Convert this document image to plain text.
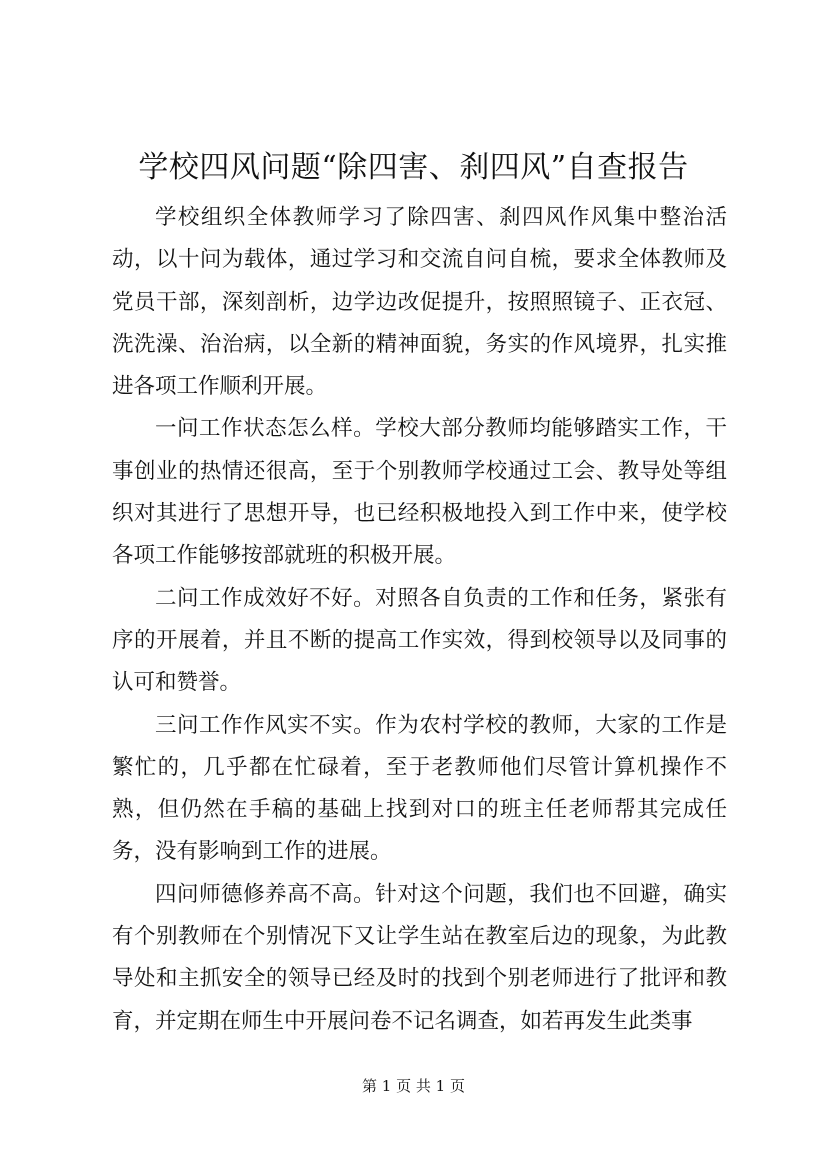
学校四风问题“除四害、刹四风”自查报告

学校组织全体教师学习了除四害、刹四风作风集中整治活动，以十问为载体，通过学习和交流自问自梳，要求全体教师及党员干部，深刻剖析，边学边改促提升，按照照镜子、正衣冠、洗洗澡、治治病，以全新的精神面貌，务实的作风境界，扎实推进各项工作顺利开展。

一问工作状态怎么样。学校大部分教师均能够踏实工作，干事创业的热情还很高，至于个别教师学校通过工会、教导处等组织对其进行了思想开导，也已经积极地投入到工作中来，使学校各项工作能够按部就班的积极开展。

二问工作成效好不好。对照各自负责的工作和任务，紧张有序的开展着，并且不断的提高工作实效，得到校领导以及同事的认可和赞誉。

三问工作作风实不实。作为农村学校的教师，大家的工作是繁忙的，几乎都在忙碌着，至于老教师他们尽管计算机操作不熟，但仍然在手稿的基础上找到对口的班主任老师帮其完成任务，没有影响到工作的进展。

四问师德修养高不高。针对这个问题，我们也不回避，确实有个别教师在个别情况下又让学生站在教室后边的现象，为此教导处和主抓安全的领导已经及时的找到个别老师进行了批评和教育，并定期在师生中开展问卷不记名调查，如若再发生此类事

第 1 页 共 1 页
